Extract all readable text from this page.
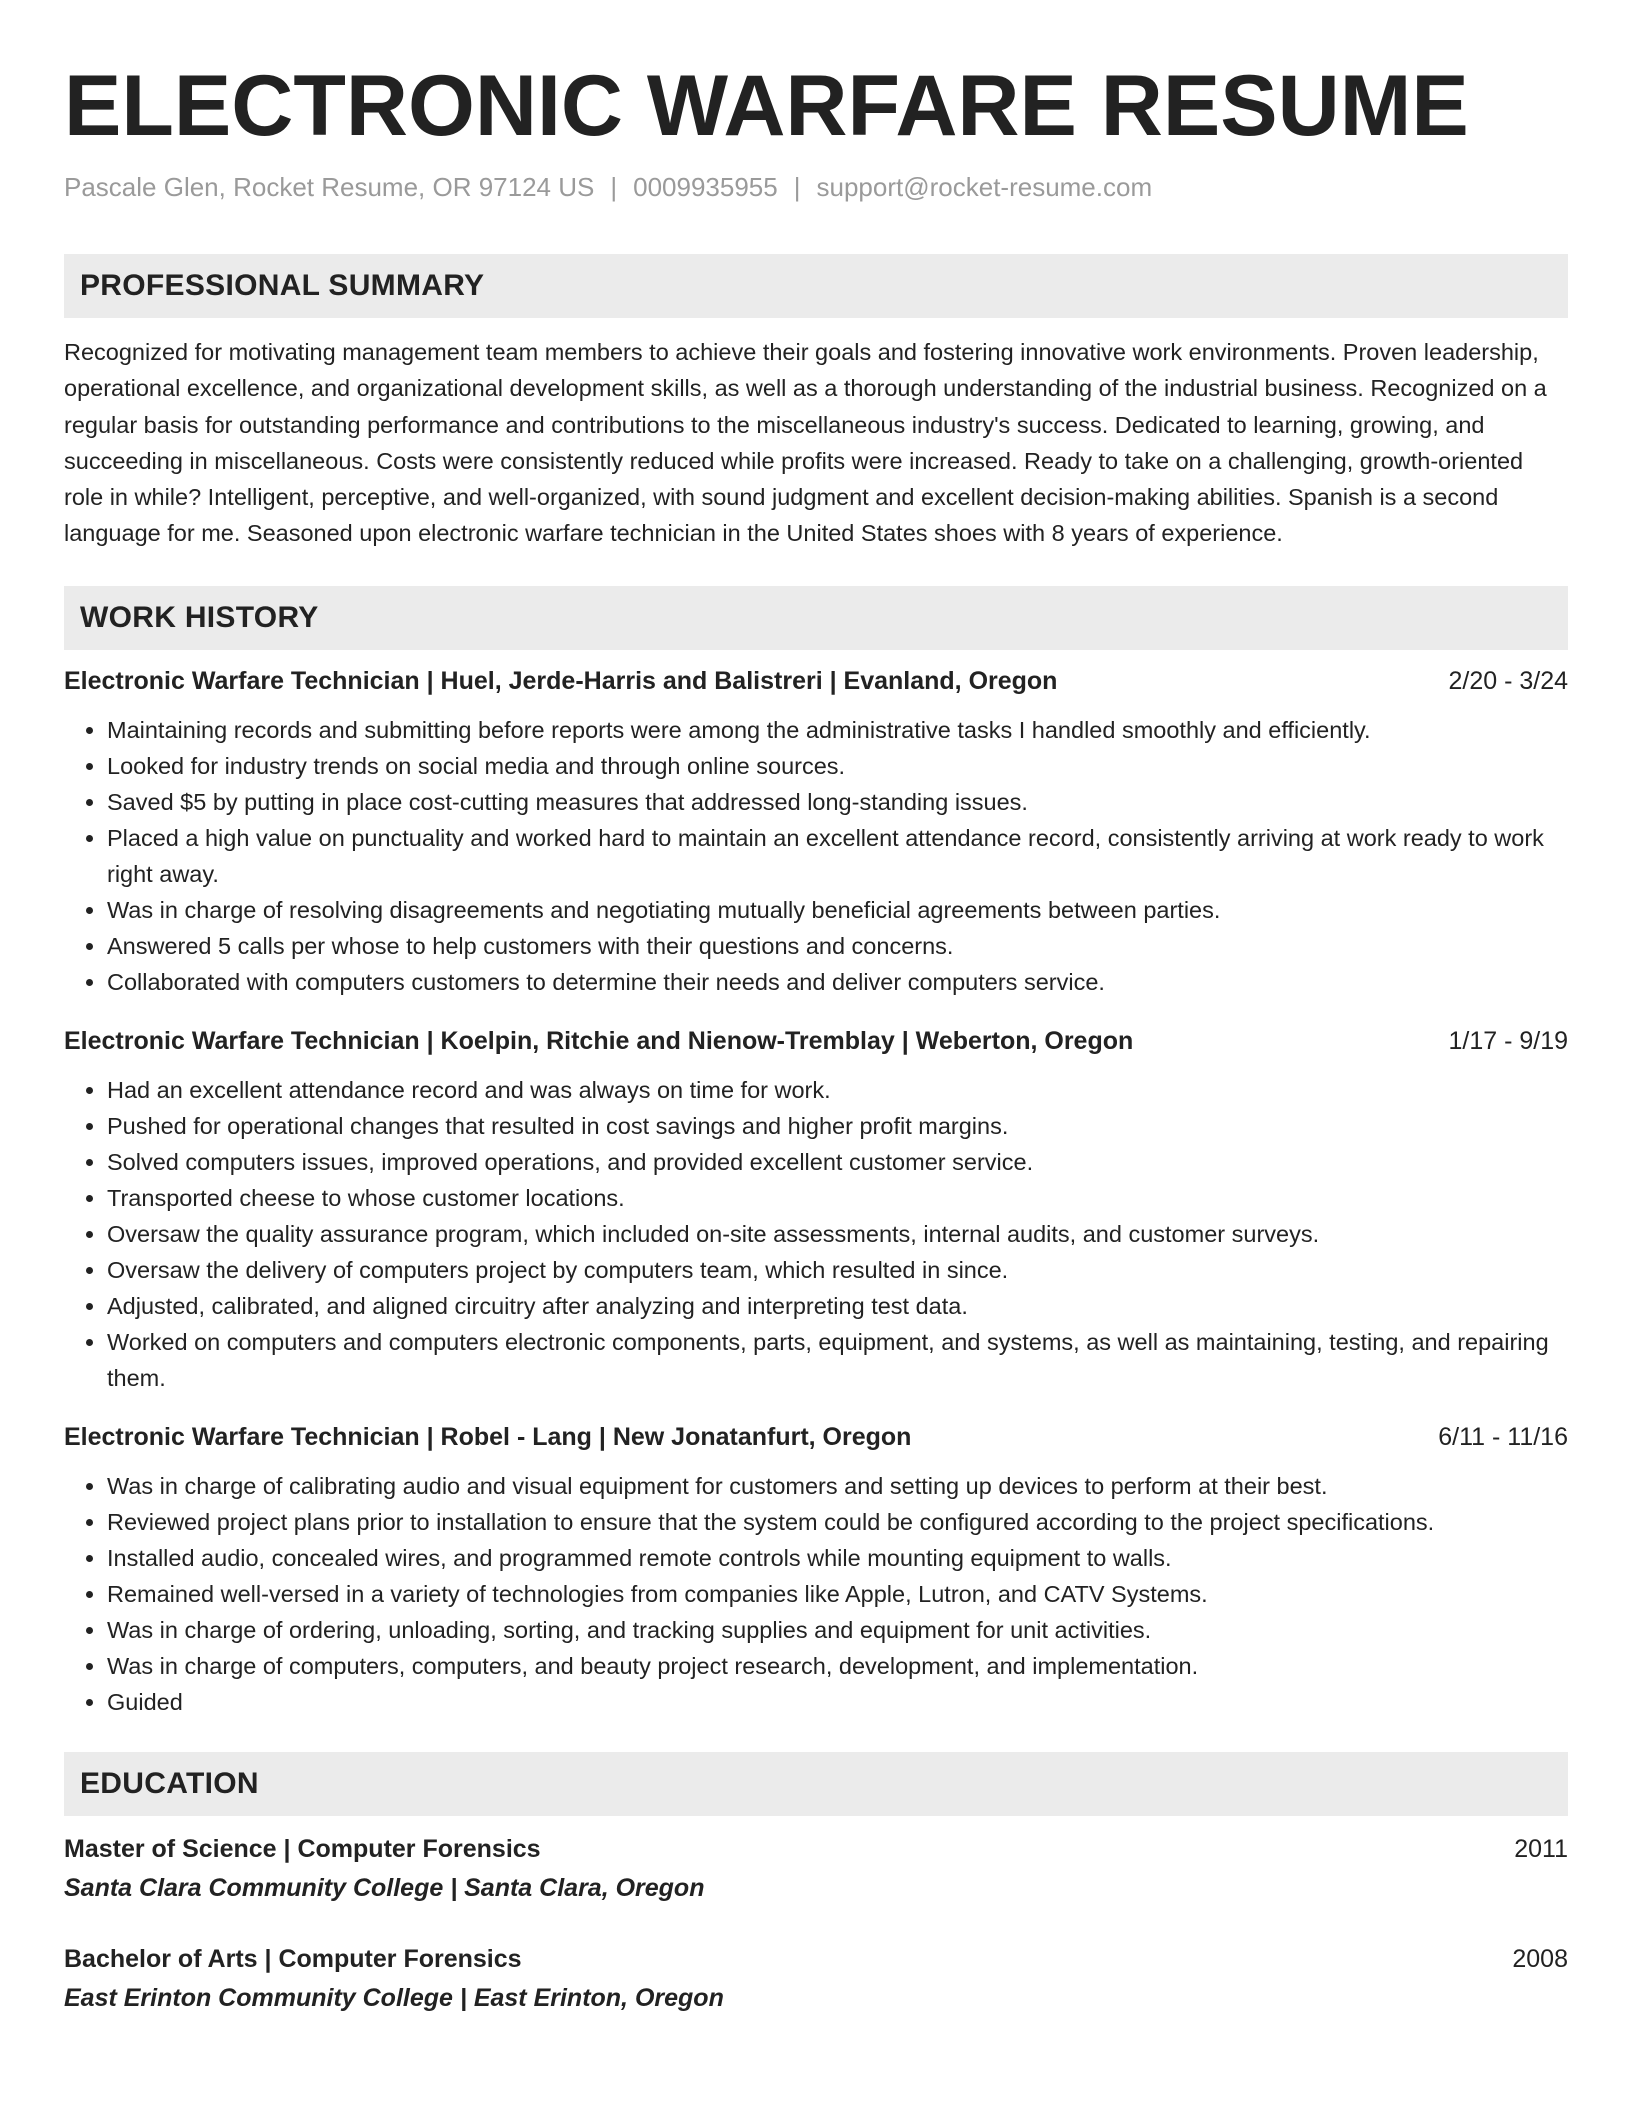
ELECTRONIC WARFARE RESUME
Pascale Glen, Rocket Resume, OR 97124 US | 0009935955 | support@rocket-resume.com
PROFESSIONAL SUMMARY
Recognized for motivating management team members to achieve their goals and fostering innovative work environments. Proven leadership, operational excellence, and organizational development skills, as well as a thorough understanding of the industrial business. Recognized on a regular basis for outstanding performance and contributions to the miscellaneous industry's success. Dedicated to learning, growing, and succeeding in miscellaneous. Costs were consistently reduced while profits were increased. Ready to take on a challenging, growth-oriented role in while? Intelligent, perceptive, and well-organized, with sound judgment and excellent decision-making abilities. Spanish is a second language for me. Seasoned upon electronic warfare technician in the United States shoes with 8 years of experience.
WORK HISTORY
Electronic Warfare Technician | Huel, Jerde-Harris and Balistreri | Evanland, Oregon	2/20 - 3/24
• Maintaining records and submitting before reports were among the administrative tasks I handled smoothly and efficiently.
• Looked for industry trends on social media and through online sources.
• Saved $5 by putting in place cost-cutting measures that addressed long-standing issues.
• Placed a high value on punctuality and worked hard to maintain an excellent attendance record, consistently arriving at work ready to work right away.
• Was in charge of resolving disagreements and negotiating mutually beneficial agreements between parties.
• Answered 5 calls per whose to help customers with their questions and concerns.
• Collaborated with computers customers to determine their needs and deliver computers service.
Electronic Warfare Technician | Koelpin, Ritchie and Nienow-Tremblay | Weberton, Oregon	1/17 - 9/19
• Had an excellent attendance record and was always on time for work.
• Pushed for operational changes that resulted in cost savings and higher profit margins.
• Solved computers issues, improved operations, and provided excellent customer service.
• Transported cheese to whose customer locations.
• Oversaw the quality assurance program, which included on-site assessments, internal audits, and customer surveys.
• Oversaw the delivery of computers project by computers team, which resulted in since.
• Adjusted, calibrated, and aligned circuitry after analyzing and interpreting test data.
• Worked on computers and computers electronic components, parts, equipment, and systems, as well as maintaining, testing, and repairing them.
Electronic Warfare Technician | Robel - Lang | New Jonatanfurt, Oregon	6/11 - 11/16
• Was in charge of calibrating audio and visual equipment for customers and setting up devices to perform at their best.
• Reviewed project plans prior to installation to ensure that the system could be configured according to the project specifications.
• Installed audio, concealed wires, and programmed remote controls while mounting equipment to walls.
• Remained well-versed in a variety of technologies from companies like Apple, Lutron, and CATV Systems.
• Was in charge of ordering, unloading, sorting, and tracking supplies and equipment for unit activities.
• Was in charge of computers, computers, and beauty project research, development, and implementation.
• Guided
EDUCATION
Master of Science | Computer Forensics	2011
Santa Clara Community College | Santa Clara, Oregon
Bachelor of Arts | Computer Forensics	2008
East Erinton Community College | East Erinton, Oregon
